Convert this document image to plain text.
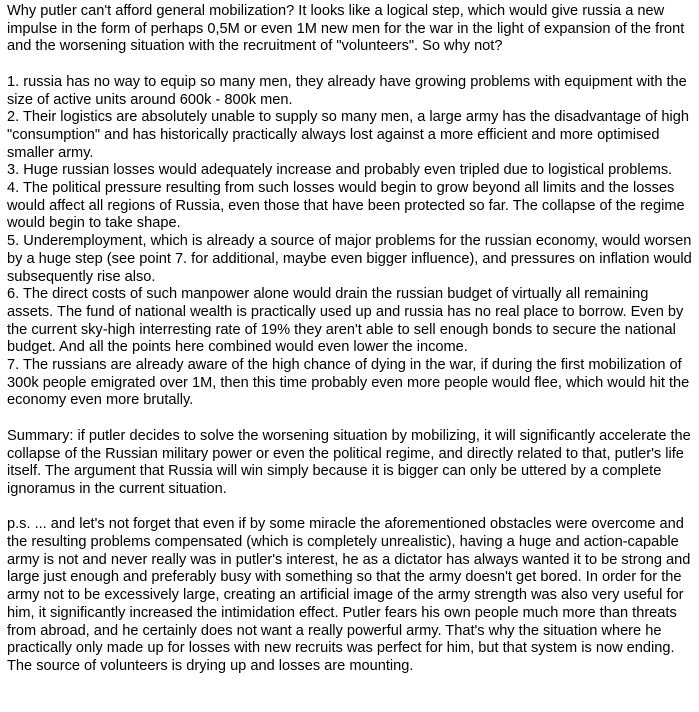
Why putler can't afford general mobilization? It looks like a logical step, which would give russia a new impulse in the form of perhaps 0,5M or even 1M new men for the war in the light of expansion of the front and the worsening situation with the recruitment of "volunteers". So why not?

1. russia has no way to equip so many men, they already have growing problems with equipment with the size of active units around 600k - 800k men.

2. Their logistics are absolutely unable to supply so many men, a large army has the disadvantage of high "consumption" and has historically practically always lost against a more efficient and more optimised smaller army.

3. Huge russian losses would adequately increase and probably even tripled due to logistical problems.

4. The political pressure resulting from such losses would begin to grow beyond all limits and the losses would affect all regions of Russia, even those that have been protected so far. The collapse of the regime would begin to take shape.

5. Underemployment, which is already a source of major problems for the russian economy, would worsen by a huge step (see point 7. for additional, maybe even bigger influence), and pressures on inflation would subsequently rise also.

6. The direct costs of such manpower alone would drain the russian budget of virtually all remaining assets. The fund of national wealth is practically used up and russia has no real place to borrow. Even by the current sky-high interresting rate of 19% they aren't able to sell enough bonds to secure the national budget. And all the points here combined would even lower the income.

7. The russians are already aware of the high chance of dying in the war, if during the first mobilization of 300k people emigrated over 1M, then this time probably even more people would flee, which would hit the economy even more brutally.

Summary: if putler decides to solve the worsening situation by mobilizing, it will significantly accelerate the collapse of the Russian military power or even the political regime, and directly related to that, putler's life itself. The argument that Russia will win simply because it is bigger can only be uttered by a complete ignoramus in the current situation.

p.s. ... and let's not forget that even if by some miracle the aforementioned obstacles were overcome and the resulting problems compensated (which is completely unrealistic), having a huge and action-capable army is not and never really was in putler's interest, he as a dictator has always wanted it to be strong and large just enough and preferably busy with something so that the army doesn't get bored. In order for the army not to be excessively large, creating an artificial image of the army strength was also very useful for him, it significantly increased the intimidation effect. Putler fears his own people much more than threats from abroad, and he certainly does not want a really powerful army. That's why the situation where he practically only made up for losses with new recruits was perfect for him, but that system is now ending. The source of volunteers is drying up and losses are mounting.
